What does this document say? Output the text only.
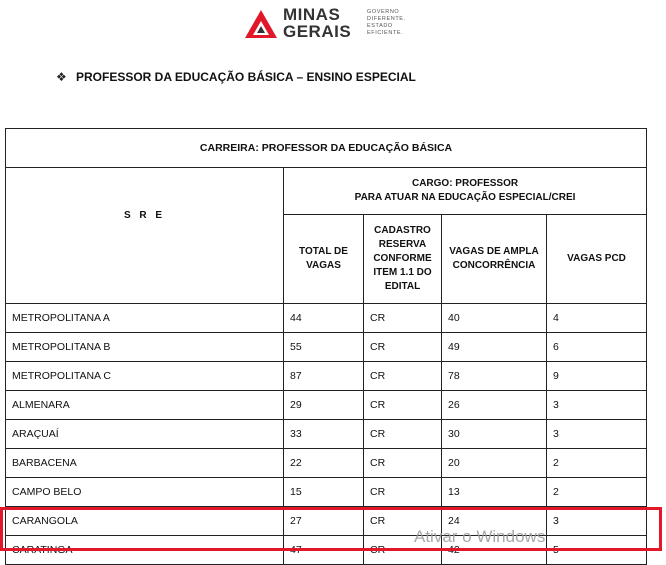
MINAS
GERAIS
GOVERNO
DIFERENTE.
ESTADO
EFICIENTE.
❖ PROFESSOR DA EDUCAÇÃO BÁSICA – ENSINO ESPECIAL
CARREIRA: PROFESSOR DA EDUCAÇÃO BÁSICA				
S R E	CARGO: PROFESSOR
PARA ATUAR NA EDUCAÇÃO ESPECIAL/CREI			

	TOTAL DE VAGAS	CADASTRO RESERVA CONFORME ITEM 1.1 DO EDITAL	VAGAS DE AMPLA CONCORRÊNCIA	VAGAS PCD
METROPOLITANA A	44	CR	40	4
METROPOLITANA B	55	CR	49	6
METROPOLITANA C	87	CR	78	9
ALMENARA	29	CR	26	3
ARAÇUAÍ	33	CR	30	3
BARBACENA	22	CR	20	2
CAMPO BELO	15	CR	13	2
CARANGOLA	27	CR	24	3
CARATINGA	47	CR	42	5
Ativar o Windows
